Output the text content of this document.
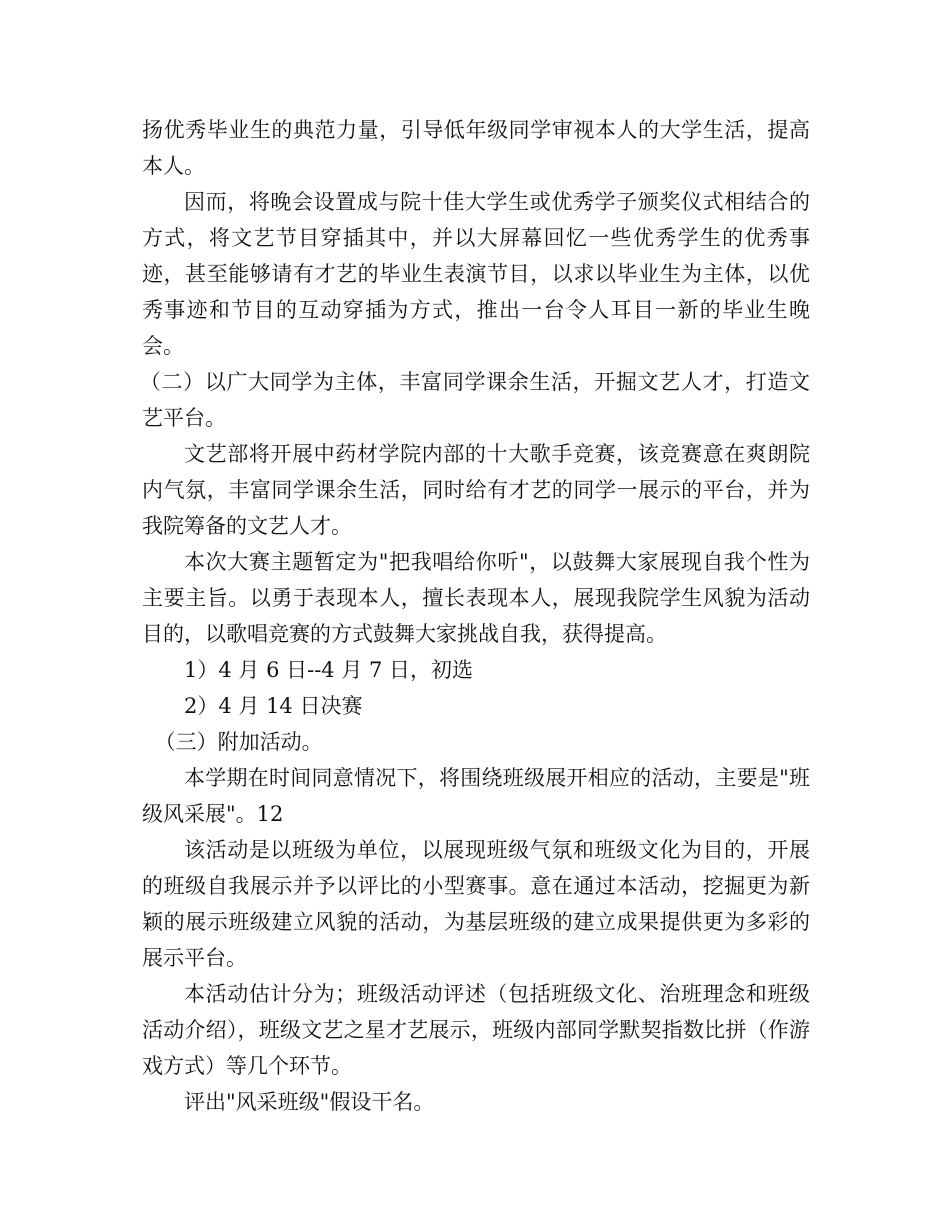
扬优秀毕业生的典范力量，引导低年级同学审视本人的大学生活，提高本人。

因而，将晚会设置成与院十佳大学生或优秀学子颁奖仪式相结合的方式，将文艺节目穿插其中，并以大屏幕回忆一些优秀学生的优秀事迹，甚至能够请有才艺的毕业生表演节目，以求以毕业生为主体，以优秀事迹和节目的互动穿插为方式，推出一台令人耳目一新的毕业生晚会。

（二）以广大同学为主体，丰富同学课余生活，开掘文艺人才，打造文艺平台。

文艺部将开展中药材学院内部的十大歌手竞赛，该竞赛意在爽朗院内气氛，丰富同学课余生活，同时给有才艺的同学一展示的平台，并为我院筹备的文艺人才。

本次大赛主题暂定为"把我唱给你听"，以鼓舞大家展现自我个性为主要主旨。以勇于表现本人，擅长表现本人，展现我院学生风貌为活动目的，以歌唱竞赛的方式鼓舞大家挑战自我，获得提高。

1）4 月 6 日--4 月 7 日，初选

2）4 月 14 日决赛

（三）附加活动。

本学期在时间同意情况下，将围绕班级展开相应的活动，主要是"班级风采展"。12

该活动是以班级为单位，以展现班级气氛和班级文化为目的，开展的班级自我展示并予以评比的小型赛事。意在通过本活动，挖掘更为新颖的展示班级建立风貌的活动，为基层班级的建立成果提供更为多彩的展示平台。

本活动估计分为；班级活动评述（包括班级文化、治班理念和班级活动介绍），班级文艺之星才艺展示，班级内部同学默契指数比拼（作游戏方式）等几个环节。

评出"风采班级"假设干名。
